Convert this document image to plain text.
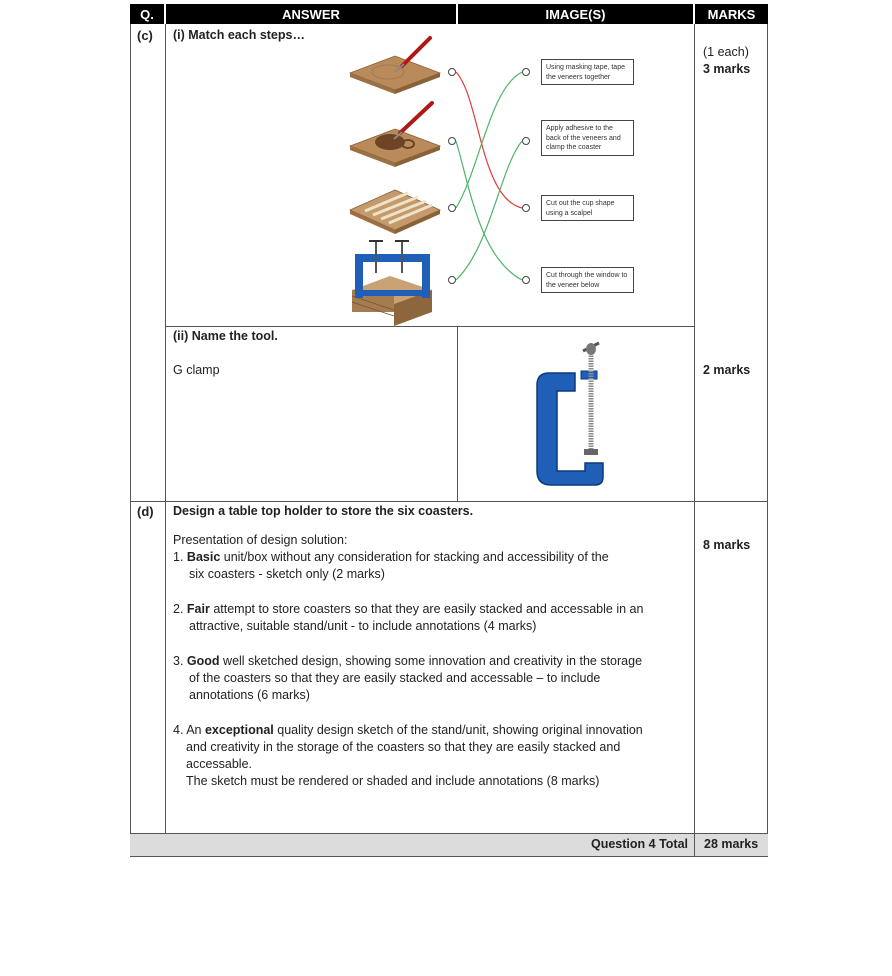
Q.	ANSWER	IMAGE(S)	MARKS
(c) (i) Match each steps…
(1 each)
3 marks
Using masking tape, tape the veneers together
Apply adhesive to the back of the veneers and clamp the coaster
Cut out the cup shape using a scalpel
Cut through the window to the veneer below
(ii) Name the tool.
G clamp	2 marks
(d) Design a table top holder to store the six coasters.
Presentation of design solution:	8 marks
1. Basic unit/box without any consideration for stacking and accessibility of the
six coasters - sketch only (2 marks)
2. Fair attempt to store coasters so that they are easily stacked and accessable in an
attractive, suitable stand/unit - to include annotations (4 marks)
3. Good well sketched design, showing some innovation and creativity in the storage
of the coasters so that they are easily stacked and accessable – to include
annotations (6 marks)
4. An exceptional quality design sketch of the stand/unit, showing original innovation
and creativity in the storage of the coasters so that they are easily stacked and
accessable.
The sketch must be rendered or shaded and include annotations (8 marks)
Question 4 Total 28 marks
